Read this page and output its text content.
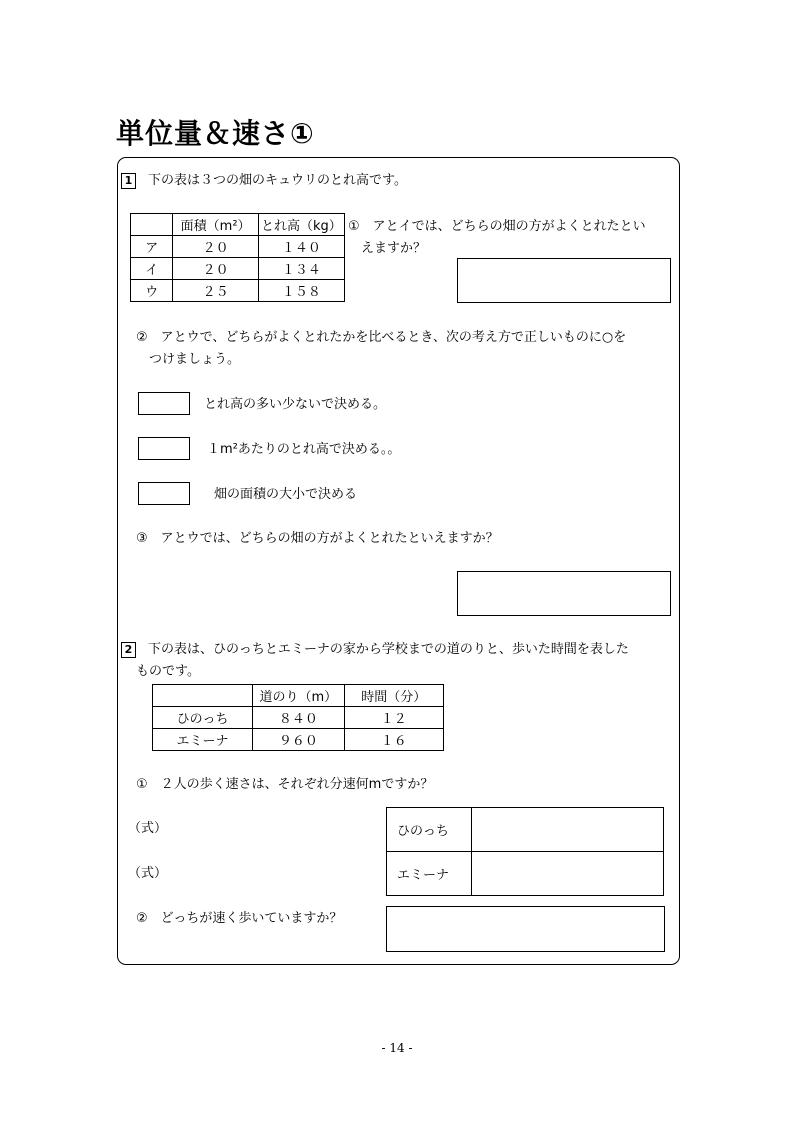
単位量＆速さ①
1 下の表は３つの畑のキュウリのとれ高です。
	面積（m²）	とれ高（kg）
ア	２０	１４０
イ	２０	１３４
ウ	２５	１５８
①　アとイでは、どちらの畑の方がよくとれたとい
えますか？
②　アとウで、どちらがよくとれたかを比べるとき、次の考え方で正しいものに○を
つけましょう。
とれ高の多い少ないで決める。
１m²あたりのとれ高で決める。。
畑の面積の大小で決める
③　アとウでは、どちらの畑の方がよくとれたといえますか？
2 下の表は、ひのっちとエミーナの家から学校までの道のりと、歩いた時間を表した
ものです。
	道のり（m）	時間（分）
ひのっち	８４０	１２
エミーナ	９６０	１６
①　２人の歩く速さは、それぞれ分速何mですか？
（式）
（式）
ひのっち	
エミーナ	
②　どっちが速く歩いていますか？
- 14 -
